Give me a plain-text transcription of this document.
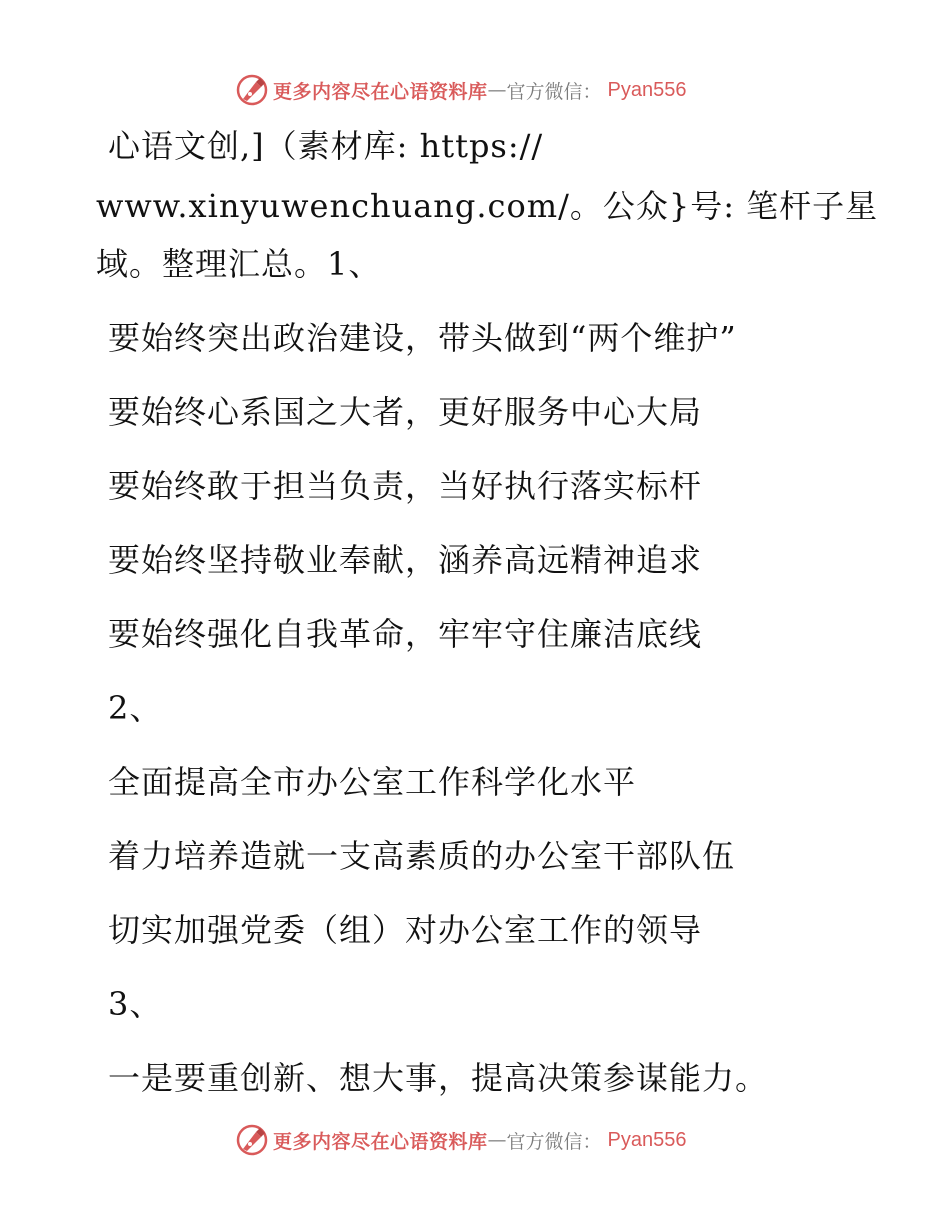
更多内容尽在心语资料库 — 官方微信： Pyan556
心语文创,]（素材库: https://
www.xinyuwenchuang.com/。公众}号: 笔杆子星
域。整理汇总。1、
要始终突出政治建设，带头做到“两个维护”
要始终心系国之大者，更好服务中心大局
要始终敢于担当负责，当好执行落实标杆
要始终坚持敬业奉献，涵养高远精神追求
要始终强化自我革命，牢牢守住廉洁底线
2、
全面提高全市办公室工作科学化水平
着力培养造就一支高素质的办公室干部队伍
切实加强党委（组）对办公室工作的领导
3、
一是要重创新、想大事，提高决策参谋能力。
更多内容尽在心语资料库 — 官方微信： Pyan556
